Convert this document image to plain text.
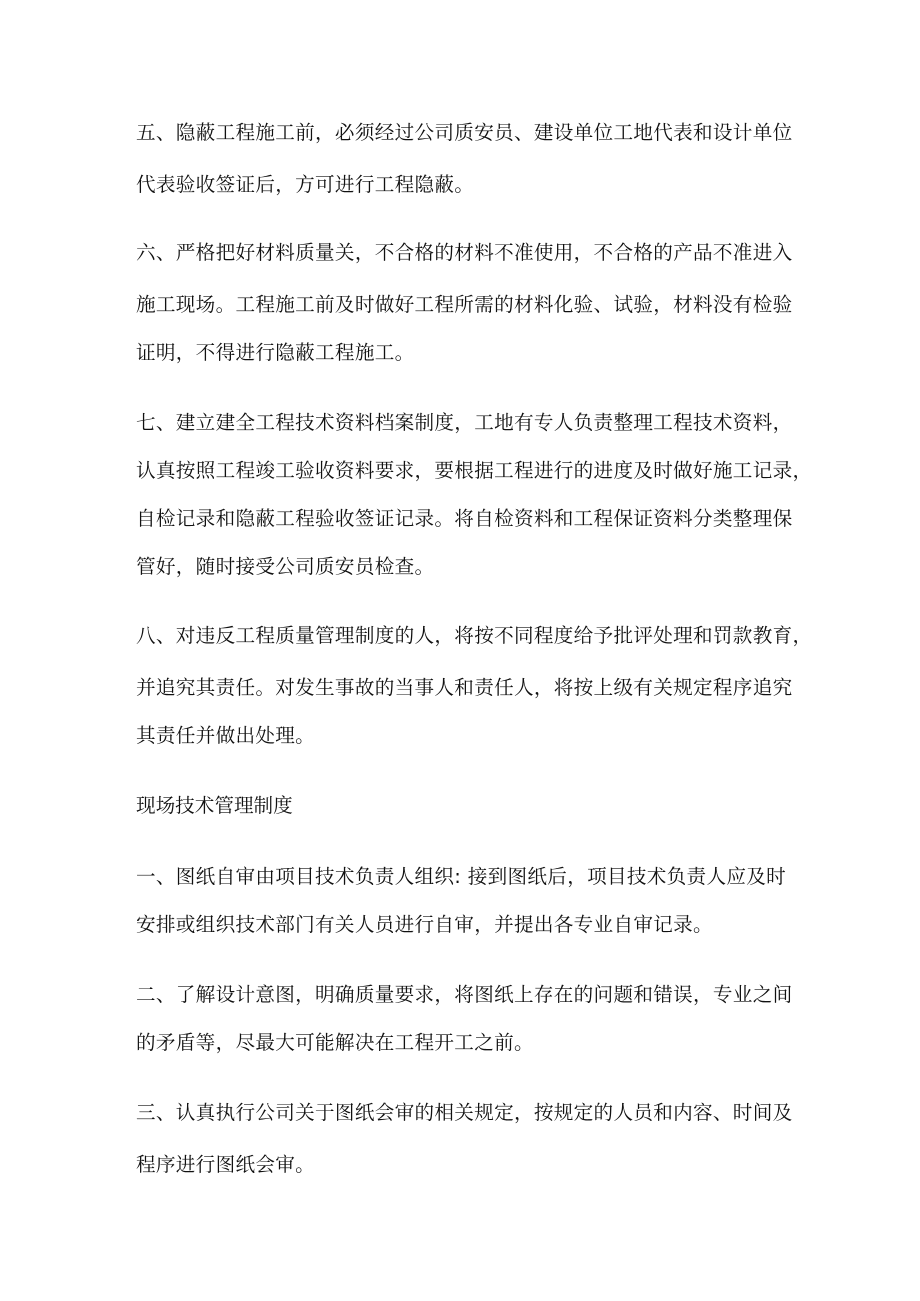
五、隐蔽工程施工前，必须经过公司质安员、建设单位工地代表和设计单位
代表验收签证后，方可进行工程隐蔽。
六、严格把好材料质量关，不合格的材料不准使用，不合格的产品不准进入
施工现场。工程施工前及时做好工程所需的材料化验、试验，材料没有检验
证明，不得进行隐蔽工程施工。
七、建立建全工程技术资料档案制度，工地有专人负责整理工程技术资料，
认真按照工程竣工验收资料要求，要根据工程进行的进度及时做好施工记录，
自检记录和隐蔽工程验收签证记录。将自检资料和工程保证资料分类整理保
管好，随时接受公司质安员检查。
八、对违反工程质量管理制度的人，将按不同程度给予批评处理和罚款教育，
并追究其责任。对发生事故的当事人和责任人，将按上级有关规定程序追究
其责任并做出处理。
现场技术管理制度
一、图纸自审由项目技术负责人组织: 接到图纸后，项目技术负责人应及时
安排或组织技术部门有关人员进行自审，并提出各专业自审记录。
二、了解设计意图，明确质量要求，将图纸上存在的问题和错误，专业之间
的矛盾等，尽最大可能解决在工程开工之前。
三、认真执行公司关于图纸会审的相关规定，按规定的人员和内容、时间及
程序进行图纸会审。
